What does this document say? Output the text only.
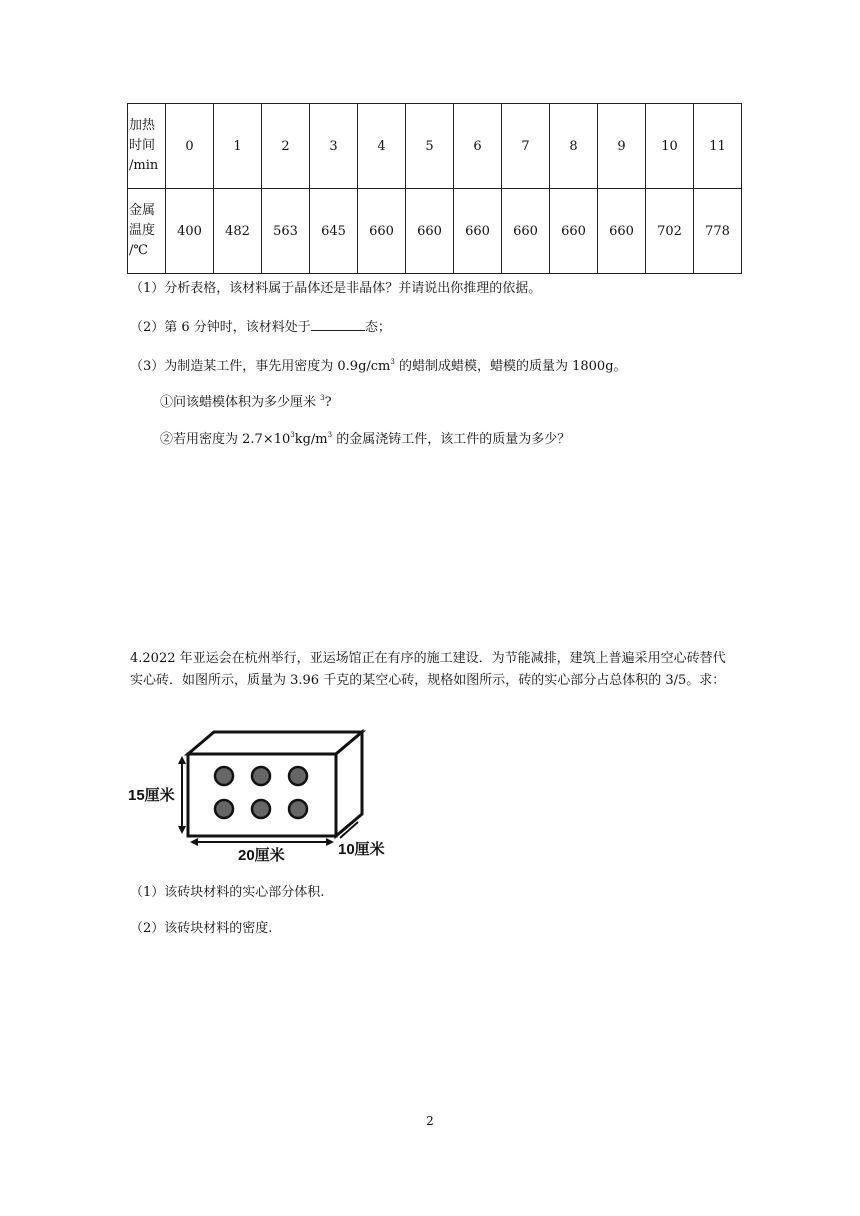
加热
时间
/min	0	1	2	3	4	5	6	7	8	9	10	11

金属
温度
/℃	400	482	563	645	660	660	660	660	660	660	702	778
（1）分析表格，该材料属于晶体还是非晶体？并请说出你推理的依据。
（2）第 6 分钟时，该材料处于	态；
（3）为制造某工件，事先用密度为 $0.9g/cm^3$ 的蜡制成蜡模，蜡模的质量为 1800g。
①问该蜡模体积为多少厘米 $^3$?
②若用密度为 $2.7\times 10^3kg/m^3$ 的金属浇铸工件，该工件的质量为多少？
4.2022 年亚运会在杭州举行，亚运场馆正在有序的施工建设．为节能减排，建筑上普遍采用空心砖替代实心砖．如图所示，质量为 3.96 千克的某空心砖，规格如图所示，砖的实心部分占总体积的 3/5。求：
15厘米
20厘米	10厘米
（1）该砖块材料的实心部分体积.
（2）该砖块材料的密度.
2
